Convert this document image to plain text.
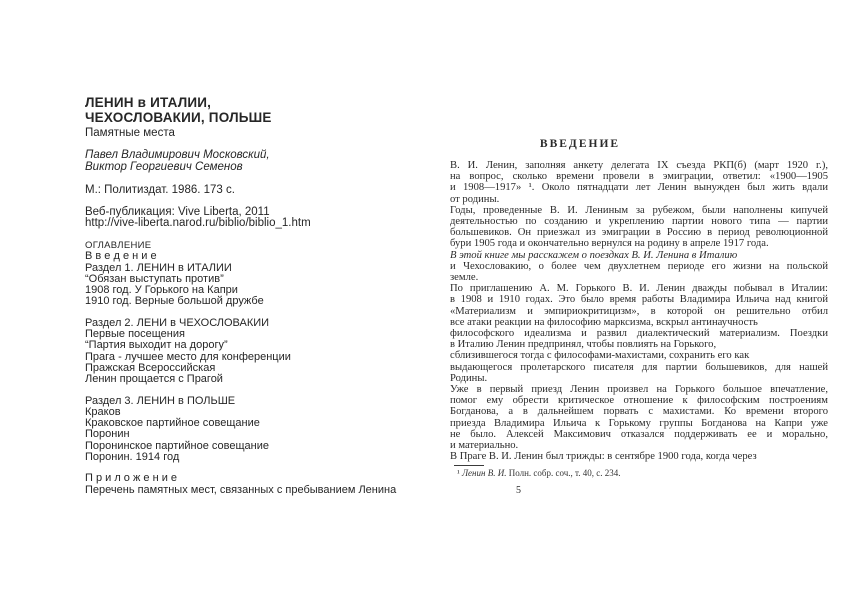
ЛЕНИН в ИТАЛИИ,
ЧЕХОСЛОВАКИИ, ПОЛЬШЕ
Памятные места
Павел Владимирович Московский,
Виктор Георгиевич Семенов
М.: Политиздат. 1986. 173 с.
Веб-публикация: Vive Liberta, 2011
http://vive-liberta.narod.ru/biblio/biblio_1.htm
ОГЛАВЛЕНИЕ
В в е д е н и е
Раздел 1. ЛЕНИН в ИТАЛИИ
“Обязан выступать против”
1908 год. У Горького на Капри
1910 год. Верные большой дружбе
Раздел 2. ЛЕНИ в ЧЕХОСЛОВАКИИ
Первые посещения
“Партия выходит на дорогу”
Прага - лучшее место для конференции
Пражская Всероссийская
Ленин прощается с Прагой
Раздел 3. ЛЕНИН в ПОЛЬШЕ
Краков
Краковское партийное совещание
Поронин
Поронинское партийное совещание
Поронин. 1914 год
П р и л о ж е н и е
Перечень памятных мест, связанных с пребыванием Ленина
ВВЕДЕНИЕ
В. И. Ленин, заполняя анкету делегата IX съезда РКП(б) (март 1920 г.),
на вопрос, сколько времени провели в эмиграции, ответил: «1900—1905
и 1908—1917» ¹. Около пятнадцати лет Ленин вынужден был жить вдали
от родины.
Годы, проведенные В. И. Лениным за рубежом, были наполнены кипучей
деятельностью по созданию и укреплению партии нового типа — партии
большевиков. Он приезжал из эмиграции в Россию в период революционной
бури 1905 года и окончательно вернулся на родину в апреле 1917 года.
В этой книге мы расскажем о поездках В. И. Ленина в Италию
и Чехословакию, о более чем двухлетнем периоде его жизни на польской
земле.
По приглашению А. М. Горького В. И. Ленин дважды побывал в Италии:
в 1908 и 1910 годах. Это было время работы Владимира Ильича над книгой
«Материализм и эмпириокритицизм», в которой он решительно отбил
все атаки реакции на философию марксизма, вскрыл антинаучность
философского идеализма и развил диалектический материализм. Поездки
в Италию Ленин предпринял, чтобы повлиять на Горького,
сблизившегося тогда с философами-махистами, сохранить его как
выдающегося пролетарского писателя для партии большевиков, для нашей
Родины.
Уже в первый приезд Ленин произвел на Горького большое впечатление,
помог ему обрести критическое отношение к философским построениям
Богданова, а в дальнейшем порвать с махистами. Ко времени второго
приезда Владимира Ильича к Горькому группы Богданова на Капри уже
не было. Алексей Максимович отказался поддерживать ее и морально,
и материально.
В Праге В. И. Ленин был трижды: в сентябре 1900 года, когда через
¹ Ленин В. И. Полн. собр. соч., т. 40, с. 234.
5
